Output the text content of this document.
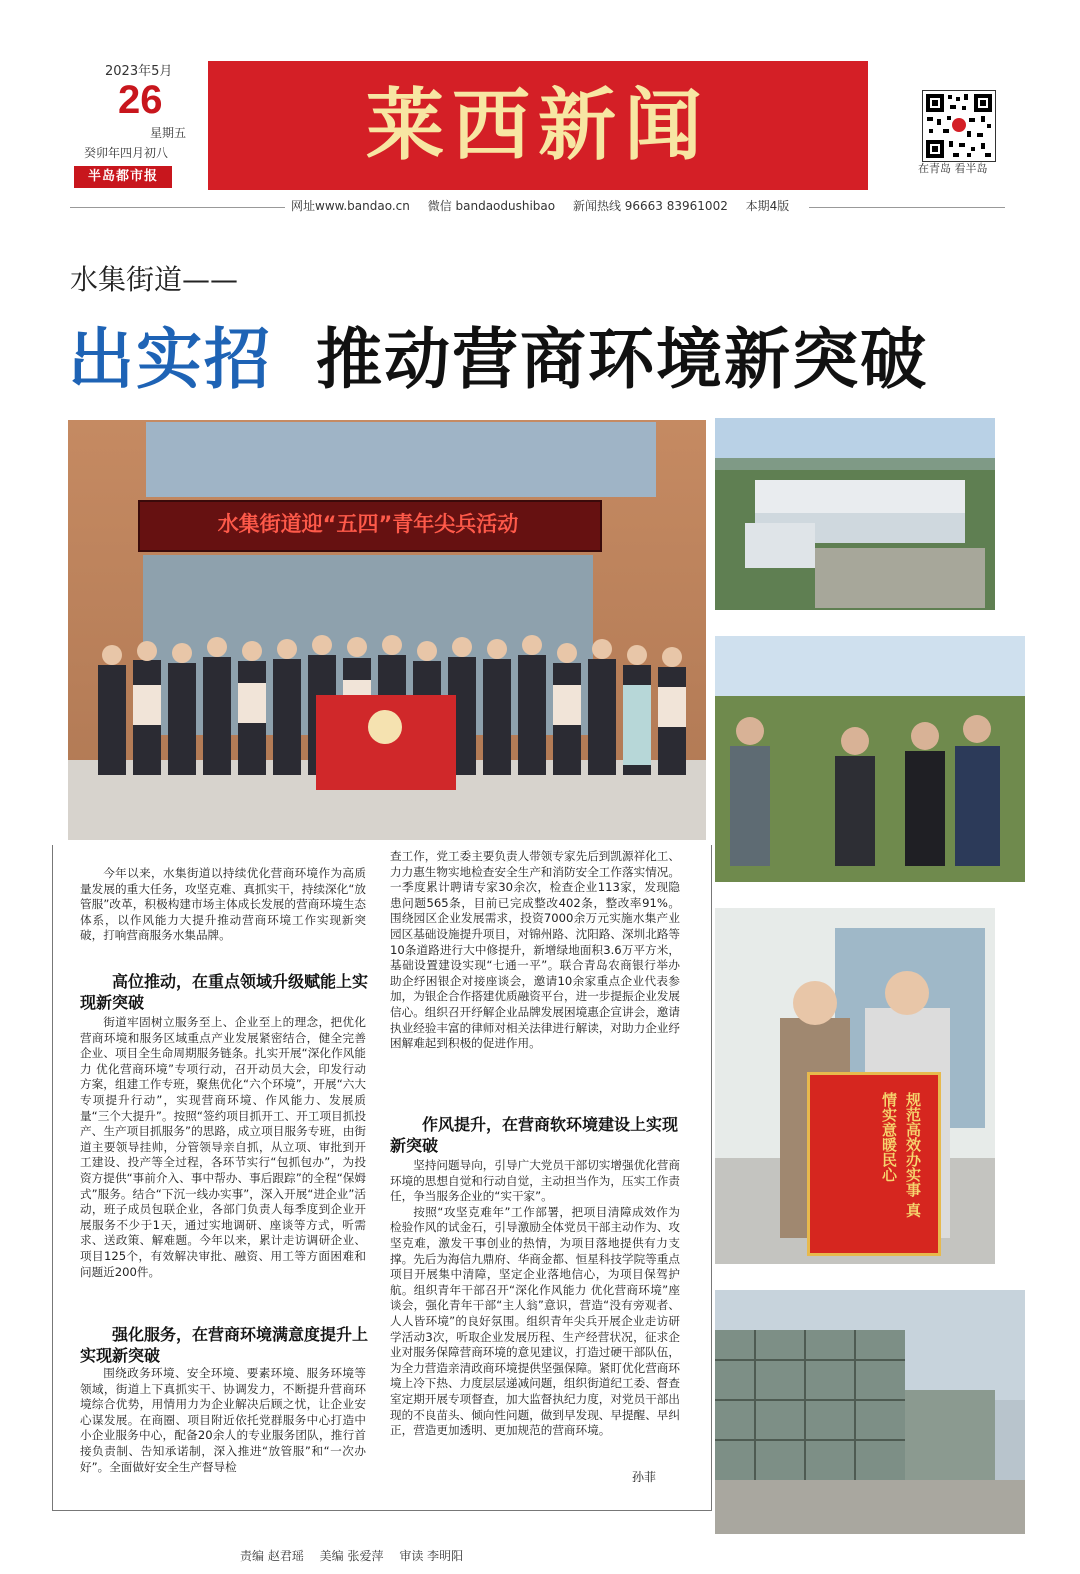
2023年5月
26
星期五
癸卯年四月初八
半岛都市报
莱西新闻	在青岛 看半岛
网址www.bandao.cn 微信 bandaodushibao 新闻热线 96663 83961002 本期4版
水集街道——
出实招 推动营商环境新突破
水集街道迎“五四”青年尖兵活动
规范高效办实事 真情实意暖民心

今年以来，水集街道以持续优化营商环境作为高质量发展的重大任务，攻坚克难、真抓实干，持续深化“放管服”改革，积极构建市场主体成长发展的营商环境生态体系，以作风能力大提升推动营商环境工作实现新突破，打响营商服务水集品牌。

高位推动，在重点领域升级赋能上实现新突破

街道牢固树立服务至上、企业至上的理念，把优化营商环境和服务区域重点产业发展紧密结合，健全完善企业、项目全生命周期服务链条。扎实开展“深化作风能力 优化营商环境”专项行动，召开动员大会，印发行动方案，组建工作专班，聚焦优化“六个环境”，开展“六大专项提升行动”，实现营商环境、作风能力、发展质量“三个大提升”。按照“签约项目抓开工、开工项目抓投产、生产项目抓服务”的思路，成立项目服务专班，由街道主要领导挂帅，分管领导亲自抓，从立项、审批到开工建设、投产等全过程，各环节实行“包抓包办”，为投资方提供“事前介入、事中帮办、事后跟踪”的全程“保姆式”服务。结合“下沉一线办实事”，深入开展“进企业”活动，班子成员包联企业，各部门负责人每季度到企业开展服务不少于1天，通过实地调研、座谈等方式，听需求、送政策、解难题。今年以来，累计走访调研企业、项目125个，有效解决审批、融资、用工等方面困难和问题近200件。

强化服务，在营商环境满意度提升上实现新突破

围绕政务环境、安全环境、要素环境、服务环境等领域，街道上下真抓实干、协调发力，不断提升营商环境综合优势，用情用力为企业解决后顾之忧，让企业安心谋发展。在商圈、项目附近依托党群服务中心打造中小企业服务中心，配备20余人的专业服务团队，推行首接负责制、告知承诺制，深入推进“放管服”和“一次办好”。全面做好安全生产督导检

查工作，党工委主要负责人带领专家先后到凯源祥化工、力力惠生物实地检查安全生产和消防安全工作落实情况。一季度累计聘请专家30余次，检查企业113家，发现隐患问题565条，目前已完成整改402条，整改率91%。围绕园区企业发展需求，投资7000余万元实施水集产业园区基础设施提升项目，对锦州路、沈阳路、深圳北路等10条道路进行大中修提升，新增绿地面积3.6万平方米，基础设置建设实现“七通一平”。联合青岛农商银行举办助企纾困银企对接座谈会，邀请10余家重点企业代表参加，为银企合作搭建优质融资平台，进一步提振企业发展信心。组织召开纾解企业品牌发展困境惠企宣讲会，邀请执业经验丰富的律师对相关法律进行解读，对助力企业纾困解难起到积极的促进作用。

作风提升，在营商软环境建设上实现新突破

坚持问题导向，引导广大党员干部切实增强优化营商环境的思想自觉和行动自觉，主动担当作为，压实工作责任，争当服务企业的“实干家”。

按照“攻坚克难年”工作部署，把项目清障成效作为检验作风的试金石，引导激励全体党员干部主动作为、攻坚克难，激发干事创业的热情，为项目落地提供有力支撑。先后为海信九鼎府、华商金都、恒星科技学院等重点项目开展集中清障，坚定企业落地信心，为项目保驾护航。组织青年干部召开“深化作风能力 优化营商环境”座谈会，强化青年干部“主人翁”意识，营造“没有旁观者、人人皆环境”的良好氛围。组织青年尖兵开展企业走访研学活动3次，听取企业发展历程、生产经营状况，征求企业对服务保障营商环境的意见建议，打造过硬干部队伍，为全力营造亲清政商环境提供坚强保障。紧盯优化营商环境上冷下热、力度层层递减问题，组织街道纪工委、督查室定期开展专项督查，加大监督执纪力度，对党员干部出现的不良苗头、倾向性问题，做到早发现、早提醒、早纠正，营造更加透明、更加规范的营商环境。

孙菲
责编 赵君瑶 美编 张爱萍 审读 李明阳
